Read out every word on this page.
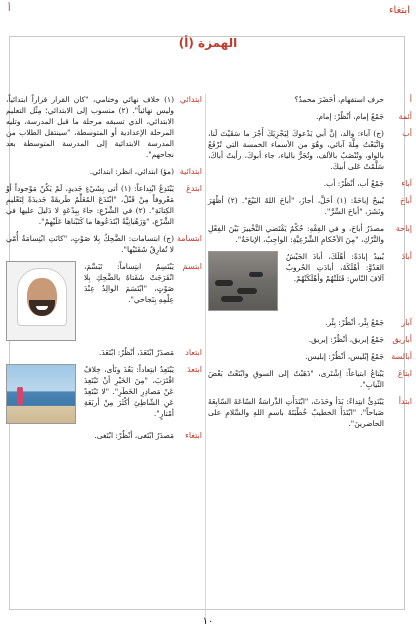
أ	ابتغاء
الهمزة (أ)
أ
حرف استفهام، أحَضَرَ محمدٌ؟
أئمة
جَمْعُ إمام، أنْظُرْ: إمام.
أب
(ج) آباء: والد، إنَّ أبي يَدْعوكَ لِيَجْزِيَكَ أَجْرَ ما سَقَيْتَ لَنا، وَاتَّبَعْتُ مِلَّةَ آبائي، وهُوَ من الأسماء الخمسة التي تُرْفَعُ بالواو، وتُنْصَبُ بالألف، وتُجَرُّ بالياء، جاء أبوكَ، رأيتُ أباكَ، سَلَّمْتُ عَلى أبيكَ.
آباء
جَمْعُ أب، أنْظُرْ: أب.
أباحَ
يُبيحُ إباحَةً: (١) أحَلَّ، أجازَ، "أباحَ اللهُ البَيْعَ". (٢) أظْهَرَ ونَشَرَ، "أباحَ السِّرَّ".
إباحة
مصدَرُ أباحَ، و في الفِقْهِ: حُكْمٌ يَقْتَضي التَّخْييرَ بَيْنَ الفِعْلِ والتَّرْكِ، "مِنَ الأحْكامِ الشَّرْعِيَّةِ: الواجِبُ، الإباحَةُ".
أبادَ
يُبيدُ إبادَةً: أهْلَكَ، أبادَ الجَيْشُ العَدُوَّ: أهْلَكَهُ، أبادَتِ الحُروبُ آلافَ النّاسِ: قَتَلَتْهُمْ وأهْلَكَتْهُمْ.
آبار
جَمْعُ بِئْر، أنْظُرْ: بِئْر.
أباريق
جَمْعُ إبريق، أنْظُرْ: إبريق.
أبالسة
جَمْعُ إبْليس، أنْظُرْ: إبليس.
ابتاعَ
يَبْتاعُ ابتياعاً: اِشْتَرى، "ذَهَبْتُ إلى السوقِ وابْتَعْتُ بَعْضَ الثّيابِ".
ابتدأ
يَبْتَدِئُ ابتِداءً: بَدَأ وحَدَثَ، "ابْتَدَأَتِ الدِّراسَةُ السّاعَةَ السّابِعَةَ صَباحاً". "ابْتَدَأَ الخطيبُ خُطْبَتَهُ باسمِ اللهِ والسَّلامِ على الحاضرينَ".
ابتدائي
(١) خلاف نهائي وختامي، "كان القرار قراراً ابتدائياً، وليس نهائياً". (٢) منسوب إلى الابتدائي؛ مِثْل التعليم الابتدائي، الذي تسبقه مرحلة ما قبل المدرسة، وتليه المرحلة الإعدادية أو المتوسطة، "سينتقل الطلاب من المدرسة الابتدائية إلى المدرسة المتوسطة بعد نجاحهم".
ابتدائية
(مؤ) ابتدائي، انظر: ابتدائي.
ابتدعَ
يَبْتَدِعُ ابْتِداعاً: (١) أتى بِشَيْءٍ جَديدٍ، لَمْ يَكُنْ مَوْجوداً أوْ مَعْروفاً مِنْ قَبْلُ، "ابْتَدَعَ المُعَلِّمُ طَريقَةً جَديدَةً لِتَعْليمِ الكِتابَةِ". (٢) في الشَّرْعِ: جاءَ بِبِدْعَةٍ لا دَليلَ عليها في الشَّرْعِ، "وَرَهْبانِيَّةً ابْتَدَعُوها ما كَتَبْناها عَلَيْهِمْ".
ابتسامة
(ج) ابتسامات: الضَّحِكُ بِلا صَوْتٍ، "كانَتِ ابْتِسامَةُ أُمّي لا تُفارِقُ شَفَتَيْها".
ابتسمَ
يَبْتَسِمُ ابتِساماً: تَبَسَّمَ، انْفَرَجَتْ شَفَتاهُ بالضَّحِكِ بِلا صَوْتٍ، "ابْتَسَمَ الوالِدُ عِنْدَ عِلْمِهِ بِنَجاحي".
ابتعاد
مَصدَرُ ابْتَعَدَ، أنْظُرْ: ابْتَعَدَ.
ابتعدَ
يَبْتَعِدُ ابتِعاداً: بَعُدَ ونَأى، خِلافُ اقْتَرَبَ، "مِنَ الخَيْرِ أنْ تَبْتَعِدَ عَنْ مَصادِرِ الخَطَرِ". "لا تَبْتَعِدْ عَنِ الشّاطِئِ أكْثَرَ مِنْ أربَعَةِ أمْتارٍ".
ابتغاء
مَصدَرُ ابْتَغى، أنْظُرْ: ابْتَغى.
١٠
